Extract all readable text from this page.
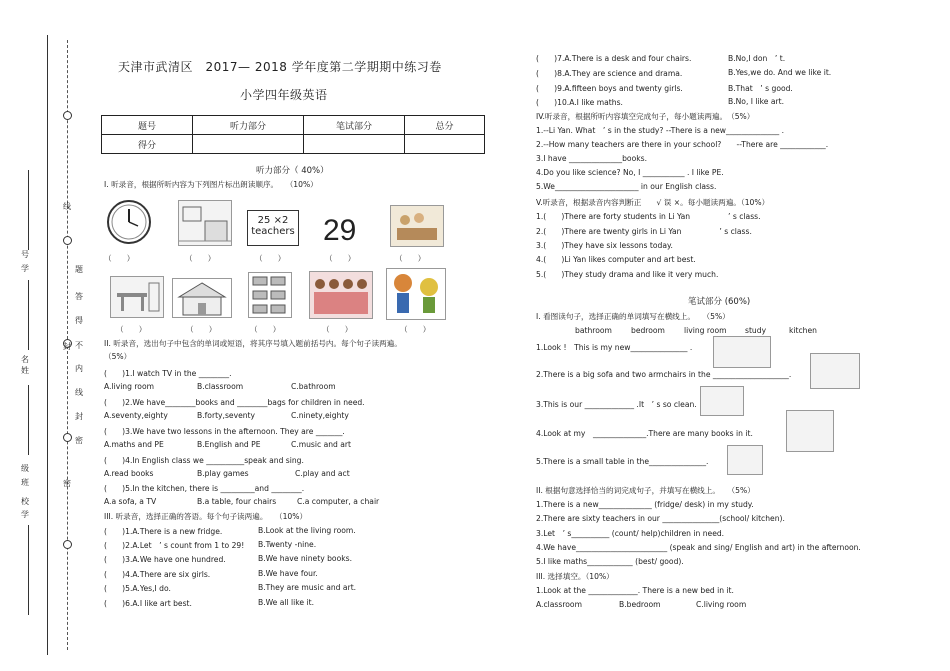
线
题
答
得
不
内
线
封
密
封
密
号学
名
姓
级
班
校
学
天津市武清区　2017— 2018 学年度第二学期期中练习卷
小学四年级英语
题号	听力部分	笔试部分	总分
得分			
听力部分（ 40%）
I. 听录音，根据所听内容为下列图片标出朗读顺序。　　（10%）
25 ×2
teachers 29
（　　）	（　　）	（　　）	（　　）	（　　）
（　　）	（　　）	（　　）	（　　）	（　　）
II. 听录音，选出句子中包含的单词或短语，将其序号填入题前括号内。每个句子读两遍。
（5%）
(　　)1.I watch TV in the ________.
A.living room	B.classroom	C.bathroom
(　　)2.We have________books and ________bags for children in need.
A.seventy,eighty	B.forty,seventy	C.ninety,eighty
(　　)3.We have two lessons in the afternoon. They are _______.
A.maths and PE	B.English and PE	C.music and art
(　　)4.In English class we __________speak and sing.
A.read books	B.play games	C.play and act
(　　)5.In the kitchen, there is _________and ________.
A.a sofa, a TV	B.a table, four chairs	C.a computer, a chair
III. 听录音，选择正确的答语。每个句子读两遍。　　（10%）
(　　)1.A.There is a new fridge.	B.Look at the living room.
(　　)2.A.Let　’ s count from 1 to 29! B.Twenty -nine.
(　　)3.A.We have one hundred.	B.We have ninety books.
(　　)4.A.There are six girls.	B.We have four.
(　　)5.A.Yes,I do.	B.They are music and art.
(　　)6.A.I like art best.	B.We all like it.
(　　)7.A.There is a desk and four chairs.	B.No,I don　’ t.
(　　)8.A.They are science and drama.	B.Yes,we do. And we like it.
(　　)9.A.fifteen boys and twenty girls.	B.That　’ s good.
(　　)10.A.I like maths.	B.No, I like art.
IV.听录音，根据所听内容填空完成句子，每小题读两遍。　（5%）
1.--Li Yan. What　’ s in the study? --There is a new______________ .
2.--How many teachers are there in your school?　　--There are ____________.
3.I have ______________books.
4.Do you like science? No, I ___________ . I like PE.
5.We______________________ in our English class.
V.听录音，根据录音内容判断正　　√ 误 ×。每小题读两遍。（10%）
1.(　　)There are forty students in Li Yan　　　　　’ s class.
2.(　　)There are twenty girls in Li Yan　　　　　’ s class.
3.(　　)They have six lessons today.
4.(　　)Li Yan likes computer and art best.
5.(　　)They study drama and like it very much.
笔试部分 (60%)
I. 看图读句子，选择正确的单词填写在横线上。　　（5%）
bathroom	bedroom	living room study	kitchen
1.Look !　This is my new_______________ .
2.There is a big sofa and two armchairs in the ____________________.
3.This is our _____________ .It　’ s so clean.
4.Look at my　______________.There are many books in it.
5.There is a small table in the_______________.
II. 根据句意选择恰当的词完成句子，并填写在横线上。　　（5%）
1.There is a new______________ (fridge/ desk) in my study.
2.There are sixty teachers in our _______________(school/ kitchen).
3.Let　’ s__________ (count/ help)children in need.
4.We have________________________ (speak and sing/ English and art) in the afternoon.
5.I like maths____________ (best/ good).
III. 选择填空。（10%）
1.Look at the _____________. There is a new bed in it.
A.classroom	B.bedroom	C.living room
